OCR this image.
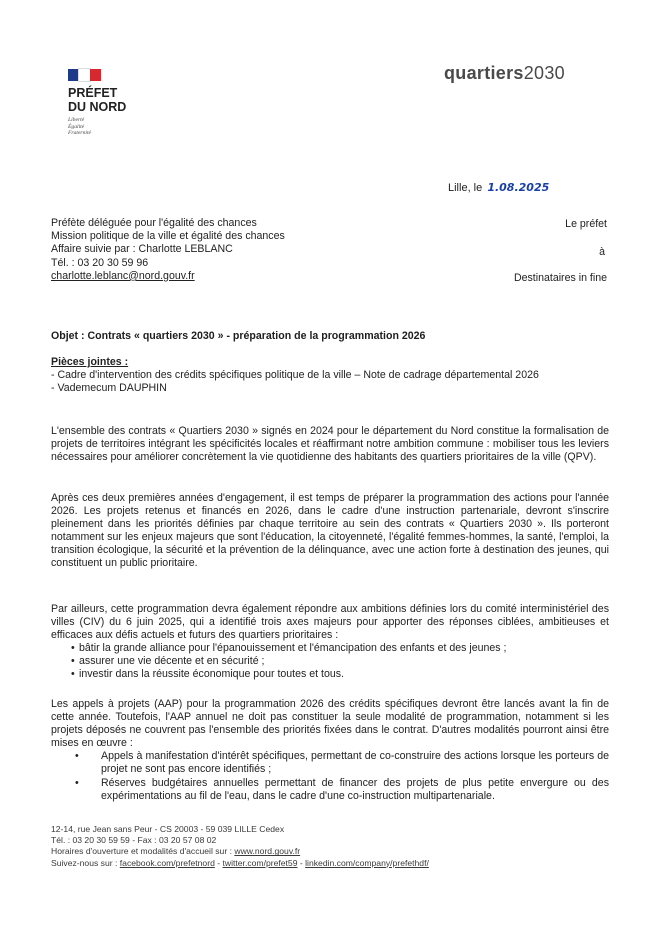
PRÉFET
DU NORD
Liberté
Égalité
Fraternité
quartiers2030
Lille, le 1.08.2025
Préfète déléguée pour l'égalité des chances
Mission politique de la ville et égalité des chances
Affaire suivie par : Charlotte LEBLANC
Tél. : 03 20 30 59 96
charlotte.leblanc@nord.gouv.fr
Le préfet
à
Destinataires in fine
Objet : Contrats « quartiers 2030 » - préparation de la programmation 2026
Pièces jointes :
- Cadre d'intervention des crédits spécifiques politique de la ville – Note de cadrage départemental 2026
- Vademecum DAUPHIN
L'ensemble des contrats « Quartiers 2030 » signés en 2024 pour le département du Nord constitue la formalisation de projets de territoires intégrant les spécificités locales et réaffirmant notre ambition commune : mobiliser tous les leviers nécessaires pour améliorer concrètement la vie quotidienne des habitants des quartiers prioritaires de la ville (QPV).
Après ces deux premières années d'engagement, il est temps de préparer la programmation des actions pour l'année 2026. Les projets retenus et financés en 2026, dans le cadre d'une instruction partenariale, devront s'inscrire pleinement dans les priorités définies par chaque territoire au sein des contrats « Quartiers 2030 ». Ils porteront notamment sur les enjeux majeurs que sont l'éducation, la citoyenneté, l'égalité femmes-hommes, la santé, l'emploi, la transition écologique, la sécurité et la prévention de la délinquance, avec une action forte à destination des jeunes, qui constituent un public prioritaire.
Par ailleurs, cette programmation devra également répondre aux ambitions définies lors du comité interministériel des villes (CIV) du 6 juin 2025, qui a identifié trois axes majeurs pour apporter des réponses ciblées, ambitieuses et efficaces aux défis actuels et futurs des quartiers prioritaires :
• bâtir la grande alliance pour l'épanouissement et l'émancipation des enfants et des jeunes ;
• assurer une vie décente et en sécurité ;
• investir dans la réussite économique pour toutes et tous.
Les appels à projets (AAP) pour la programmation 2026 des crédits spécifiques devront être lancés avant la fin de cette année. Toutefois, l'AAP annuel ne doit pas constituer la seule modalité de programmation, notamment si les projets déposés ne couvrent pas l'ensemble des priorités fixées dans le contrat. D'autres modalités pourront ainsi être mises en œuvre :
• Appels à manifestation d'intérêt spécifiques, permettant de co-construire des actions lorsque les porteurs de projet ne sont pas encore identifiés ;
• Réserves budgétaires annuelles permettant de financer des projets de plus petite envergure ou des expérimentations au fil de l'eau, dans le cadre d'une co-instruction multipartenariale.
12-14, rue Jean sans Peur - CS 20003 - 59 039 LILLE Cedex
Tél. : 03 20 30 59 59 - Fax : 03 20 57 08 02
Horaires d'ouverture et modalités d'accueil sur : www.nord.gouv.fr
Suivez-nous sur : facebook.com/prefetnord - twitter.com/prefet59 - linkedin.com/company/prefethdf/
